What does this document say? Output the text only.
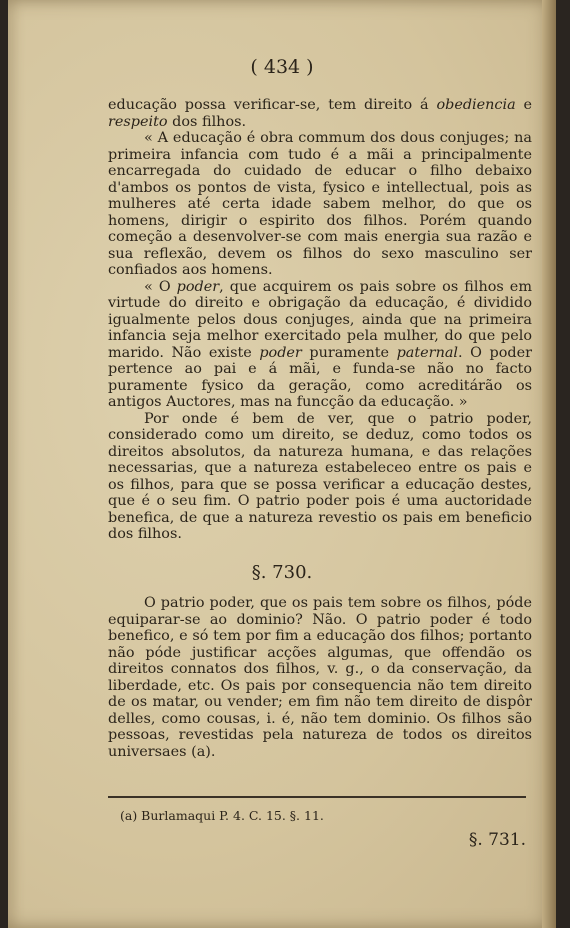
( 434 )

educação possa verificar-se, tem direito á obediencia e respeito dos filhos.

« A educação é obra commum dos dous conjuges; na primeira infancia com tudo é a mãi a principalmente encarregada do cuidado de educar o filho debaixo d'ambos os pontos de vista, fysico e intellectual, pois as mulheres até certa idade sabem melhor, do que os homens, dirigir o espirito dos filhos. Porém quando começão a desenvolver-se com mais energia sua razão e sua reflexão, devem os filhos do sexo masculino ser confiados aos homens.

« O poder, que acquirem os pais sobre os filhos em virtude do direito e obrigação da educação, é dividido igualmente pelos dous conjuges, ainda que na primeira infancia seja melhor exercitado pela mulher, do que pelo marido. Não existe poder puramente paternal. O poder pertence ao pai e á mãi, e funda-se não no facto puramente fysico da geração, como acreditárão os antigos Auctores, mas na funcção da educação. »

Por onde é bem de ver, que o patrio poder, considerado como um direito, se deduz, como todos os direitos absolutos, da natureza humana, e das relações necessarias, que a natureza estabeleceo entre os pais e os filhos, para que se possa verificar a educação destes, que é o seu fim. O patrio poder pois é uma auctoridade benefica, de que a natureza revestio os pais em beneficio dos filhos.

§. 730.

O patrio poder, que os pais tem sobre os filhos, póde equiparar-se ao dominio? Não. O patrio poder é todo benefico, e só tem por fim a educação dos filhos; portanto não póde justificar acções algumas, que offendão os direitos connatos dos filhos, v. g., o da conservação, da liberdade, etc. Os pais por consequencia não tem direito de os matar, ou vender; em fim não tem direito de dispôr delles, como cousas, i. é, não tem dominio. Os filhos são pessoas, revestidas pela natureza de todos os direitos universaes (a).

(a) Burlamaqui P. 4. C. 15. §. 11.
§. 731.
